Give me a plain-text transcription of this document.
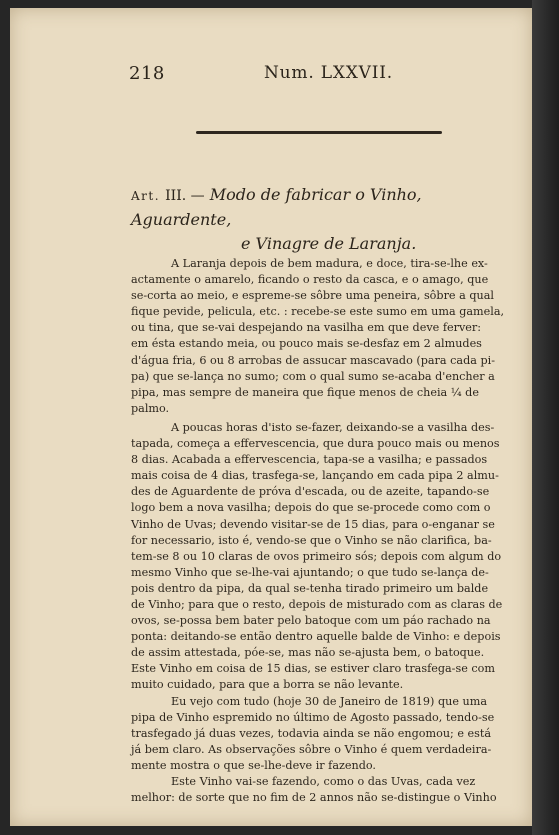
218	Num. LXXVII.
Art. III. — Modo de fabricar o Vinho, Aguardente,
e Vinagre de Laranja.
A Laranja depois de bem madura, e doce, tira-se-lhe ex-
actamente o amarelo, ficando o resto da casca, e o amago, que
se-corta ao meio, e espreme-se sôbre uma peneira, sôbre a qual
fique pevide, pelicula, etc. : recebe-se este sumo em uma gamela,
ou tina, que se-vai despejando na vasilha em que deve ferver:
em ésta estando meia, ou pouco mais se-desfaz em 2 almudes
d'água fria, 6 ou 8 arrobas de assucar mascavado (para cada pi-
pa) que se-lança no sumo; com o qual sumo se-acaba d'encher a
pipa, mas sempre de maneira que fique menos de cheia ¼ de
palmo.
A poucas horas d'isto se-fazer, deixando-se a vasilha des-
tapada, começa a effervescencia, que dura pouco mais ou menos
8 dias. Acabada a effervescencia, tapa-se a vasilha; e passados
mais coisa de 4 dias, trasfega-se, lançando em cada pipa 2 almu-
des de Aguardente de próva d'escada, ou de azeite, tapando-se
logo bem a nova vasilha; depois do que se-procede como com o
Vinho de Uvas; devendo visitar-se de 15 dias, para o-enganar se
for necessario, isto é, vendo-se que o Vinho se não clarifica, ba-
tem-se 8 ou 10 claras de ovos primeiro sós; depois com algum do
mesmo Vinho que se-lhe-vai ajuntando; o que tudo se-lança de-
pois dentro da pipa, da qual se-tenha tirado primeiro um balde
de Vinho; para que o resto, depois de misturado com as claras de
ovos, se-possa bem bater pelo batoque com um páo rachado na
ponta: deitando-se então dentro aquelle balde de Vinho: e depois
de assim attestada, póe-se, mas não se-ajusta bem, o batoque.
Este Vinho em coisa de 15 dias, se estiver claro trasfega-se com
muito cuidado, para que a borra se não levante.
Eu vejo com tudo (hoje 30 de Janeiro de 1819) que uma
pipa de Vinho espremido no último de Agosto passado, tendo-se
trasfegado já duas vezes, todavia ainda se não engomou; e está
já bem claro. As observações sôbre o Vinho é quem verdadeira-
mente mostra o que se-lhe-deve ir fazendo.
Este Vinho vai-se fazendo, como o das Uvas, cada vez
melhor: de sorte que no fim de 2 annos não se-distingue o Vinho
